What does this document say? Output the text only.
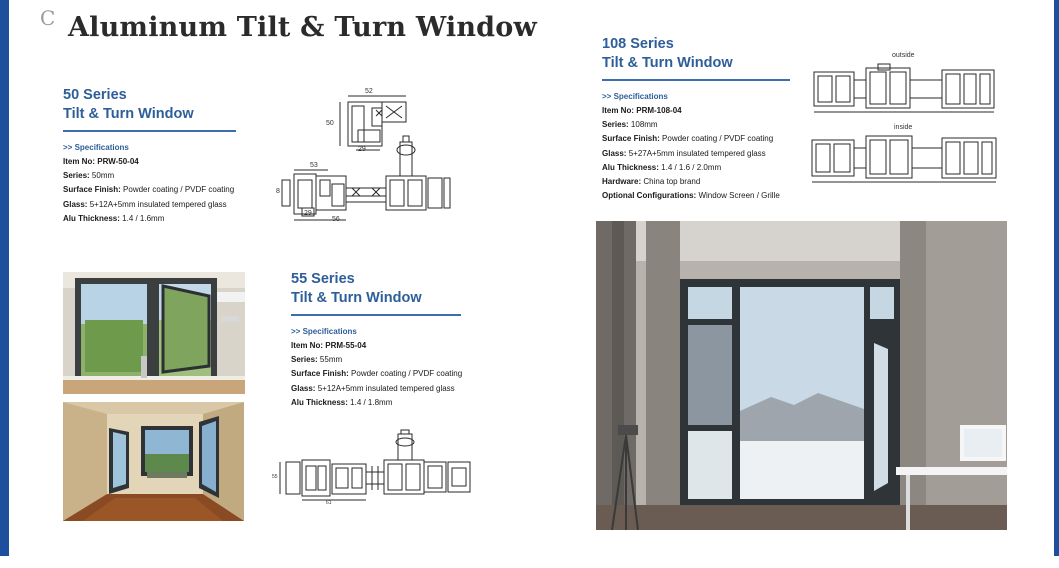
C Aluminum Tilt & Turn Window
50 Series
Tilt & Turn Window
>> Specifications
Item No: PRW-50-04
Series: 50mm
Surface Finish: Powder coating / PVDF coating
Glass: 5+12A+5mm insulated tempered glass
Alu Thickness: 1.4 / 1.6mm
52
50
29
53
29
56
8
55 Series
Tilt & Turn Window
>> Specifications
Item No: PRM-55-04
Series: 55mm
Surface Finish: Powder coating / PVDF coating
Glass: 5+12A+5mm insulated tempered glass
Alu Thickness: 1.4 / 1.8mm
55
61
108 Series
Tilt & Turn Window
>> Specifications
Item No: PRM-108-04
Series: 108mm
Surface Finish: Powder coating / PVDF coating
Glass: 5+27A+5mm insulated tempered glass
Alu Thickness: 1.4 / 1.6 / 2.0mm
Hardware: China top brand
Optional Configurations: Window Screen / Grille
outside
inside
